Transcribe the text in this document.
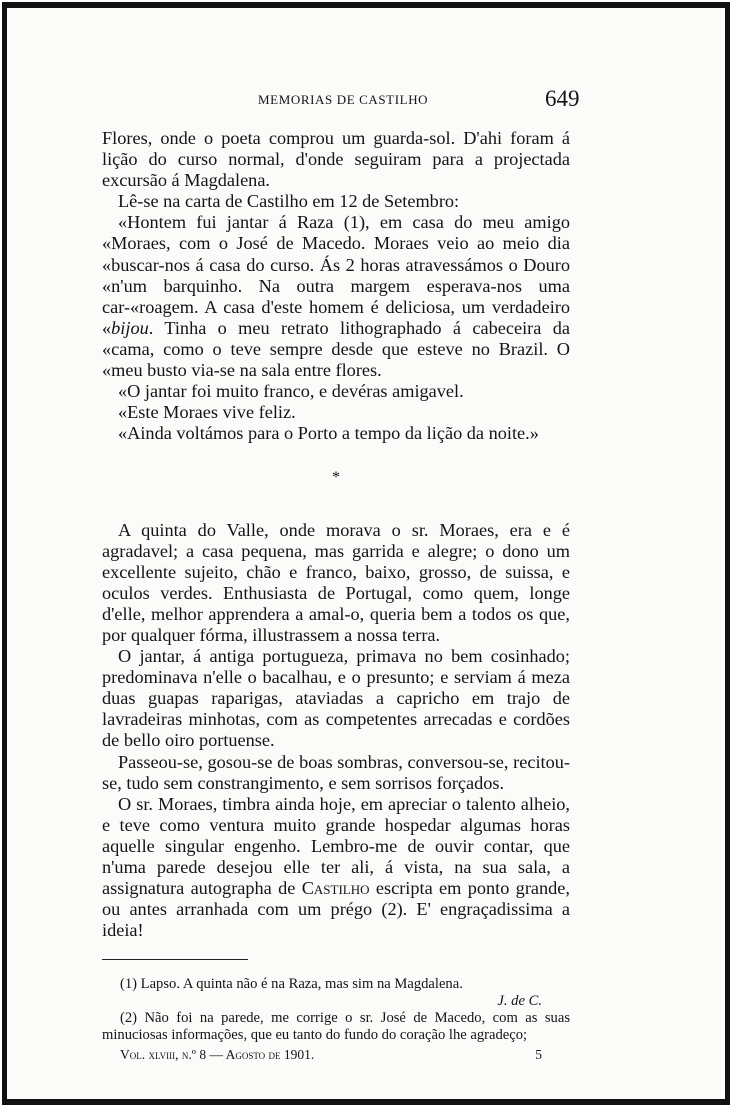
MEMORIAS DE CASTILHO	649

Flores, onde o poeta comprou um guarda-sol. D'ahi foram á lição do curso normal, d'onde seguiram para a projectada excursão á Magdalena.

Lê-se na carta de Castilho em 12 de Setembro:

«Hontem fui jantar á Raza (1), em casa do meu amigo «Moraes, com o José de Macedo. Moraes veio ao meio dia «buscar-nos á casa do curso. Ás 2 horas atravessámos o Douro «n'um barquinho. Na outra margem esperava-nos uma car-«roagem. A casa d'este homem é deliciosa, um verdadeiro «bijou. Tinha o meu retrato lithographado á cabeceira da «cama, como o teve sempre desde que esteve no Brazil. O «meu busto via-se na sala entre flores.

«O jantar foi muito franco, e devéras amigavel.

«Este Moraes vive feliz.

«Ainda voltámos para o Porto a tempo da lição da noite.»

*

A quinta do Valle, onde morava o sr. Moraes, era e é agradavel; a casa pequena, mas garrida e alegre; o dono um excellente sujeito, chão e franco, baixo, grosso, de suissa, e oculos verdes. Enthusiasta de Portugal, como quem, longe d'elle, melhor apprendera a amal-o, queria bem a todos os que, por qualquer fórma, illustrassem a nossa terra.

O jantar, á antiga portugueza, primava no bem cosinhado; predominava n'elle o bacalhau, e o presunto; e serviam á meza duas guapas raparigas, ataviadas a capricho em trajo de lavradeiras minhotas, com as competentes arrecadas e cordões de bello oiro portuense.

Passeou-se, gosou-se de boas sombras, conversou-se, recitou-se, tudo sem constrangimento, e sem sorrisos forçados.

O sr. Moraes, timbra ainda hoje, em apreciar o talento alheio, e teve como ventura muito grande hospedar algumas horas aquelle singular engenho. Lembro-me de ouvir contar, que n'uma parede desejou elle ter ali, á vista, na sua sala, a assignatura autographa de Castilho escripta em ponto grande, ou antes arranhada com um prégo (2). E' engraçadissima a ideia!

(1) Lapso. A quinta não é na Raza, mas sim na Magdalena.

J. de C.

(2) Não foi na parede, me corrige o sr. José de Macedo, com as suas minuciosas informações, que eu tanto do fundo do coração lhe agradeço;

Vol. xlviii, n.º 8 — Agosto de 1901.	5
